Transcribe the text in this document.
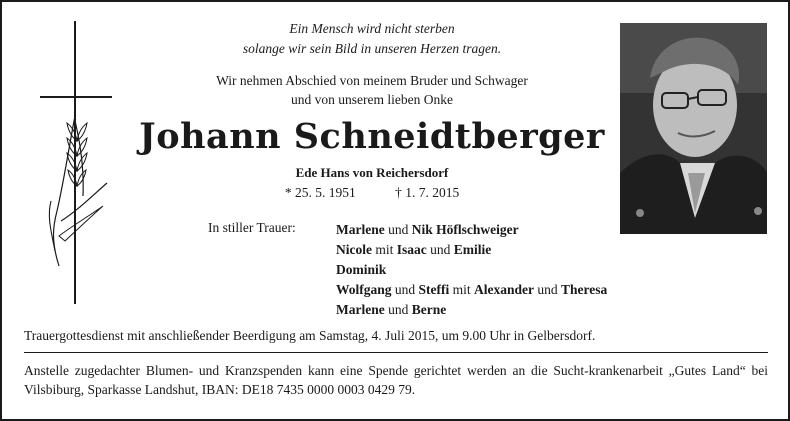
Ein Mensch wird nicht sterben
solange wir sein Bild in unseren Herzen tragen.
Wir nehmen Abschied von meinem Bruder und Schwager
und von unserem lieben Onke
Johann Schneidtberger
Ede Hans von Reichersdorf
* 25. 5. 1951	† 1. 7. 2015
In stiller Trauer:	Marlene und Nik Höflschweiger
Nicole mit Isaac und Emilie
Dominik
Wolfgang und Steffi mit Alexander und Theresa
Marlene und Berne
Trauergottesdienst mit anschließender Beerdigung am Samstag, 4. Juli 2015, um 9.00 Uhr in Gelbersdorf.
Anstelle zugedachter Blumen- und Kranzspenden kann eine Spende gerichtet werden an die Sucht-krankenarbeit „Gutes Land“ bei Vilsbiburg, Sparkasse Landshut, IBAN: DE18 7435 0000 0003 0429 79.
